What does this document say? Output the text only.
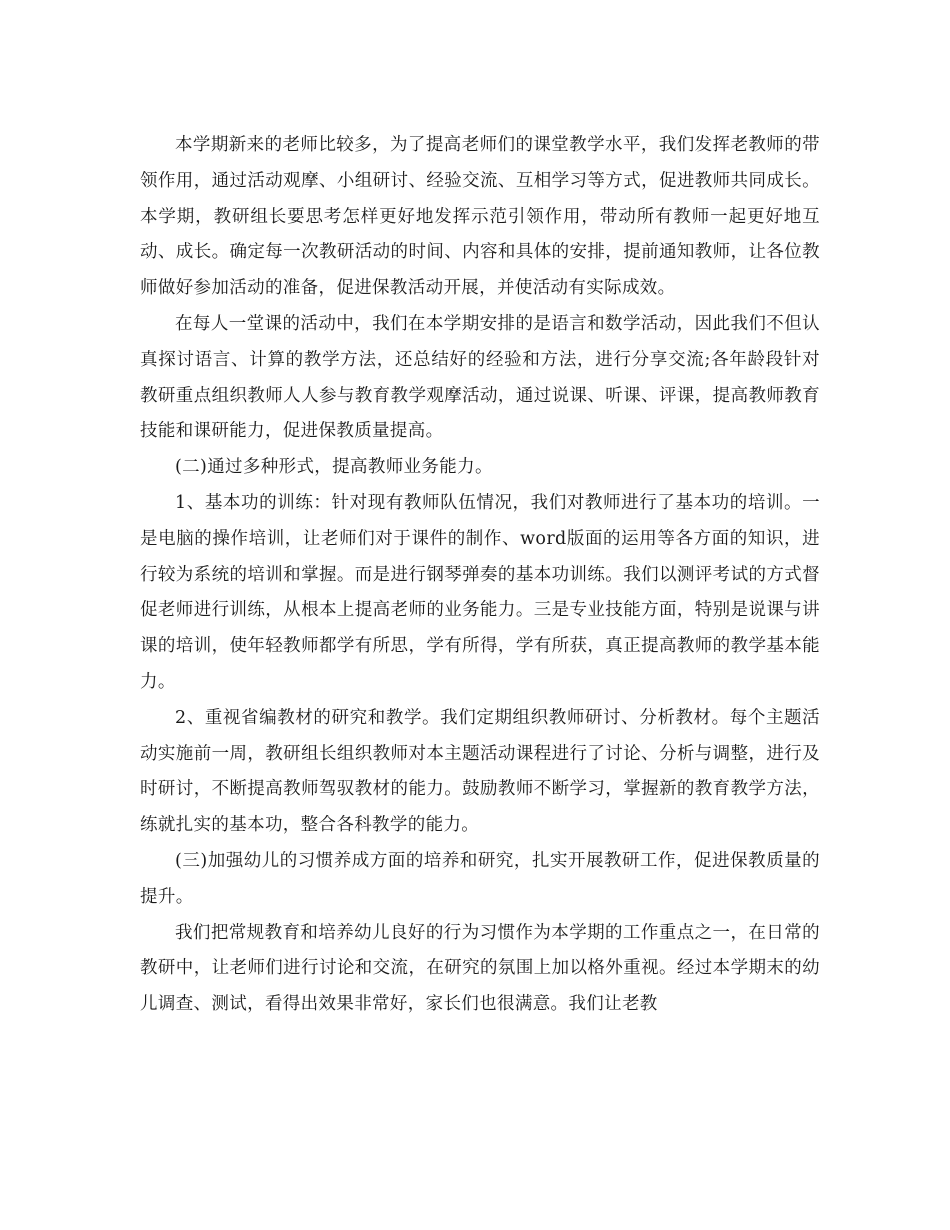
本学期新来的老师比较多，为了提高老师们的课堂教学水平，我们发挥老教师的带领作用，通过活动观摩、小组研讨、经验交流、互相学习等方式，促进教师共同成长。本学期，教研组长要思考怎样更好地发挥示范引领作用，带动所有教师一起更好地互动、成长。确定每一次教研活动的时间、内容和具体的安排，提前通知教师，让各位教师做好参加活动的准备，促进保教活动开展，并使活动有实际成效。

在每人一堂课的活动中，我们在本学期安排的是语言和数学活动，因此我们不但认真探讨语言、计算的教学方法，还总结好的经验和方法，进行分享交流;各年龄段针对教研重点组织教师人人参与教育教学观摩活动，通过说课、听课、评课，提高教师教育技能和课研能力，促进保教质量提高。

(二)通过多种形式，提高教师业务能力。

1、基本功的训练：针对现有教师队伍情况，我们对教师进行了基本功的培训。一是电脑的操作培训，让老师们对于课件的制作、word版面的运用等各方面的知识，进行较为系统的培训和掌握。而是进行钢琴弹奏的基本功训练。我们以测评考试的方式督促老师进行训练，从根本上提高老师的业务能力。三是专业技能方面，特别是说课与讲课的培训，使年轻教师都学有所思，学有所得，学有所获，真正提高教师的教学基本能力。

2、重视省编教材的研究和教学。我们定期组织教师研讨、分析教材。每个主题活动实施前一周，教研组长组织教师对本主题活动课程进行了讨论、分析与调整，进行及时研讨，不断提高教师驾驭教材的能力。鼓励教师不断学习，掌握新的教育教学方法，练就扎实的基本功，整合各科教学的能力。

(三)加强幼儿的习惯养成方面的培养和研究，扎实开展教研工作，促进保教质量的提升。

我们把常规教育和培养幼儿良好的行为习惯作为本学期的工作重点之一，在日常的教研中，让老师们进行讨论和交流，在研究的氛围上加以格外重视。经过本学期末的幼儿调查、测试，看得出效果非常好，家长们也很满意。我们让老教
